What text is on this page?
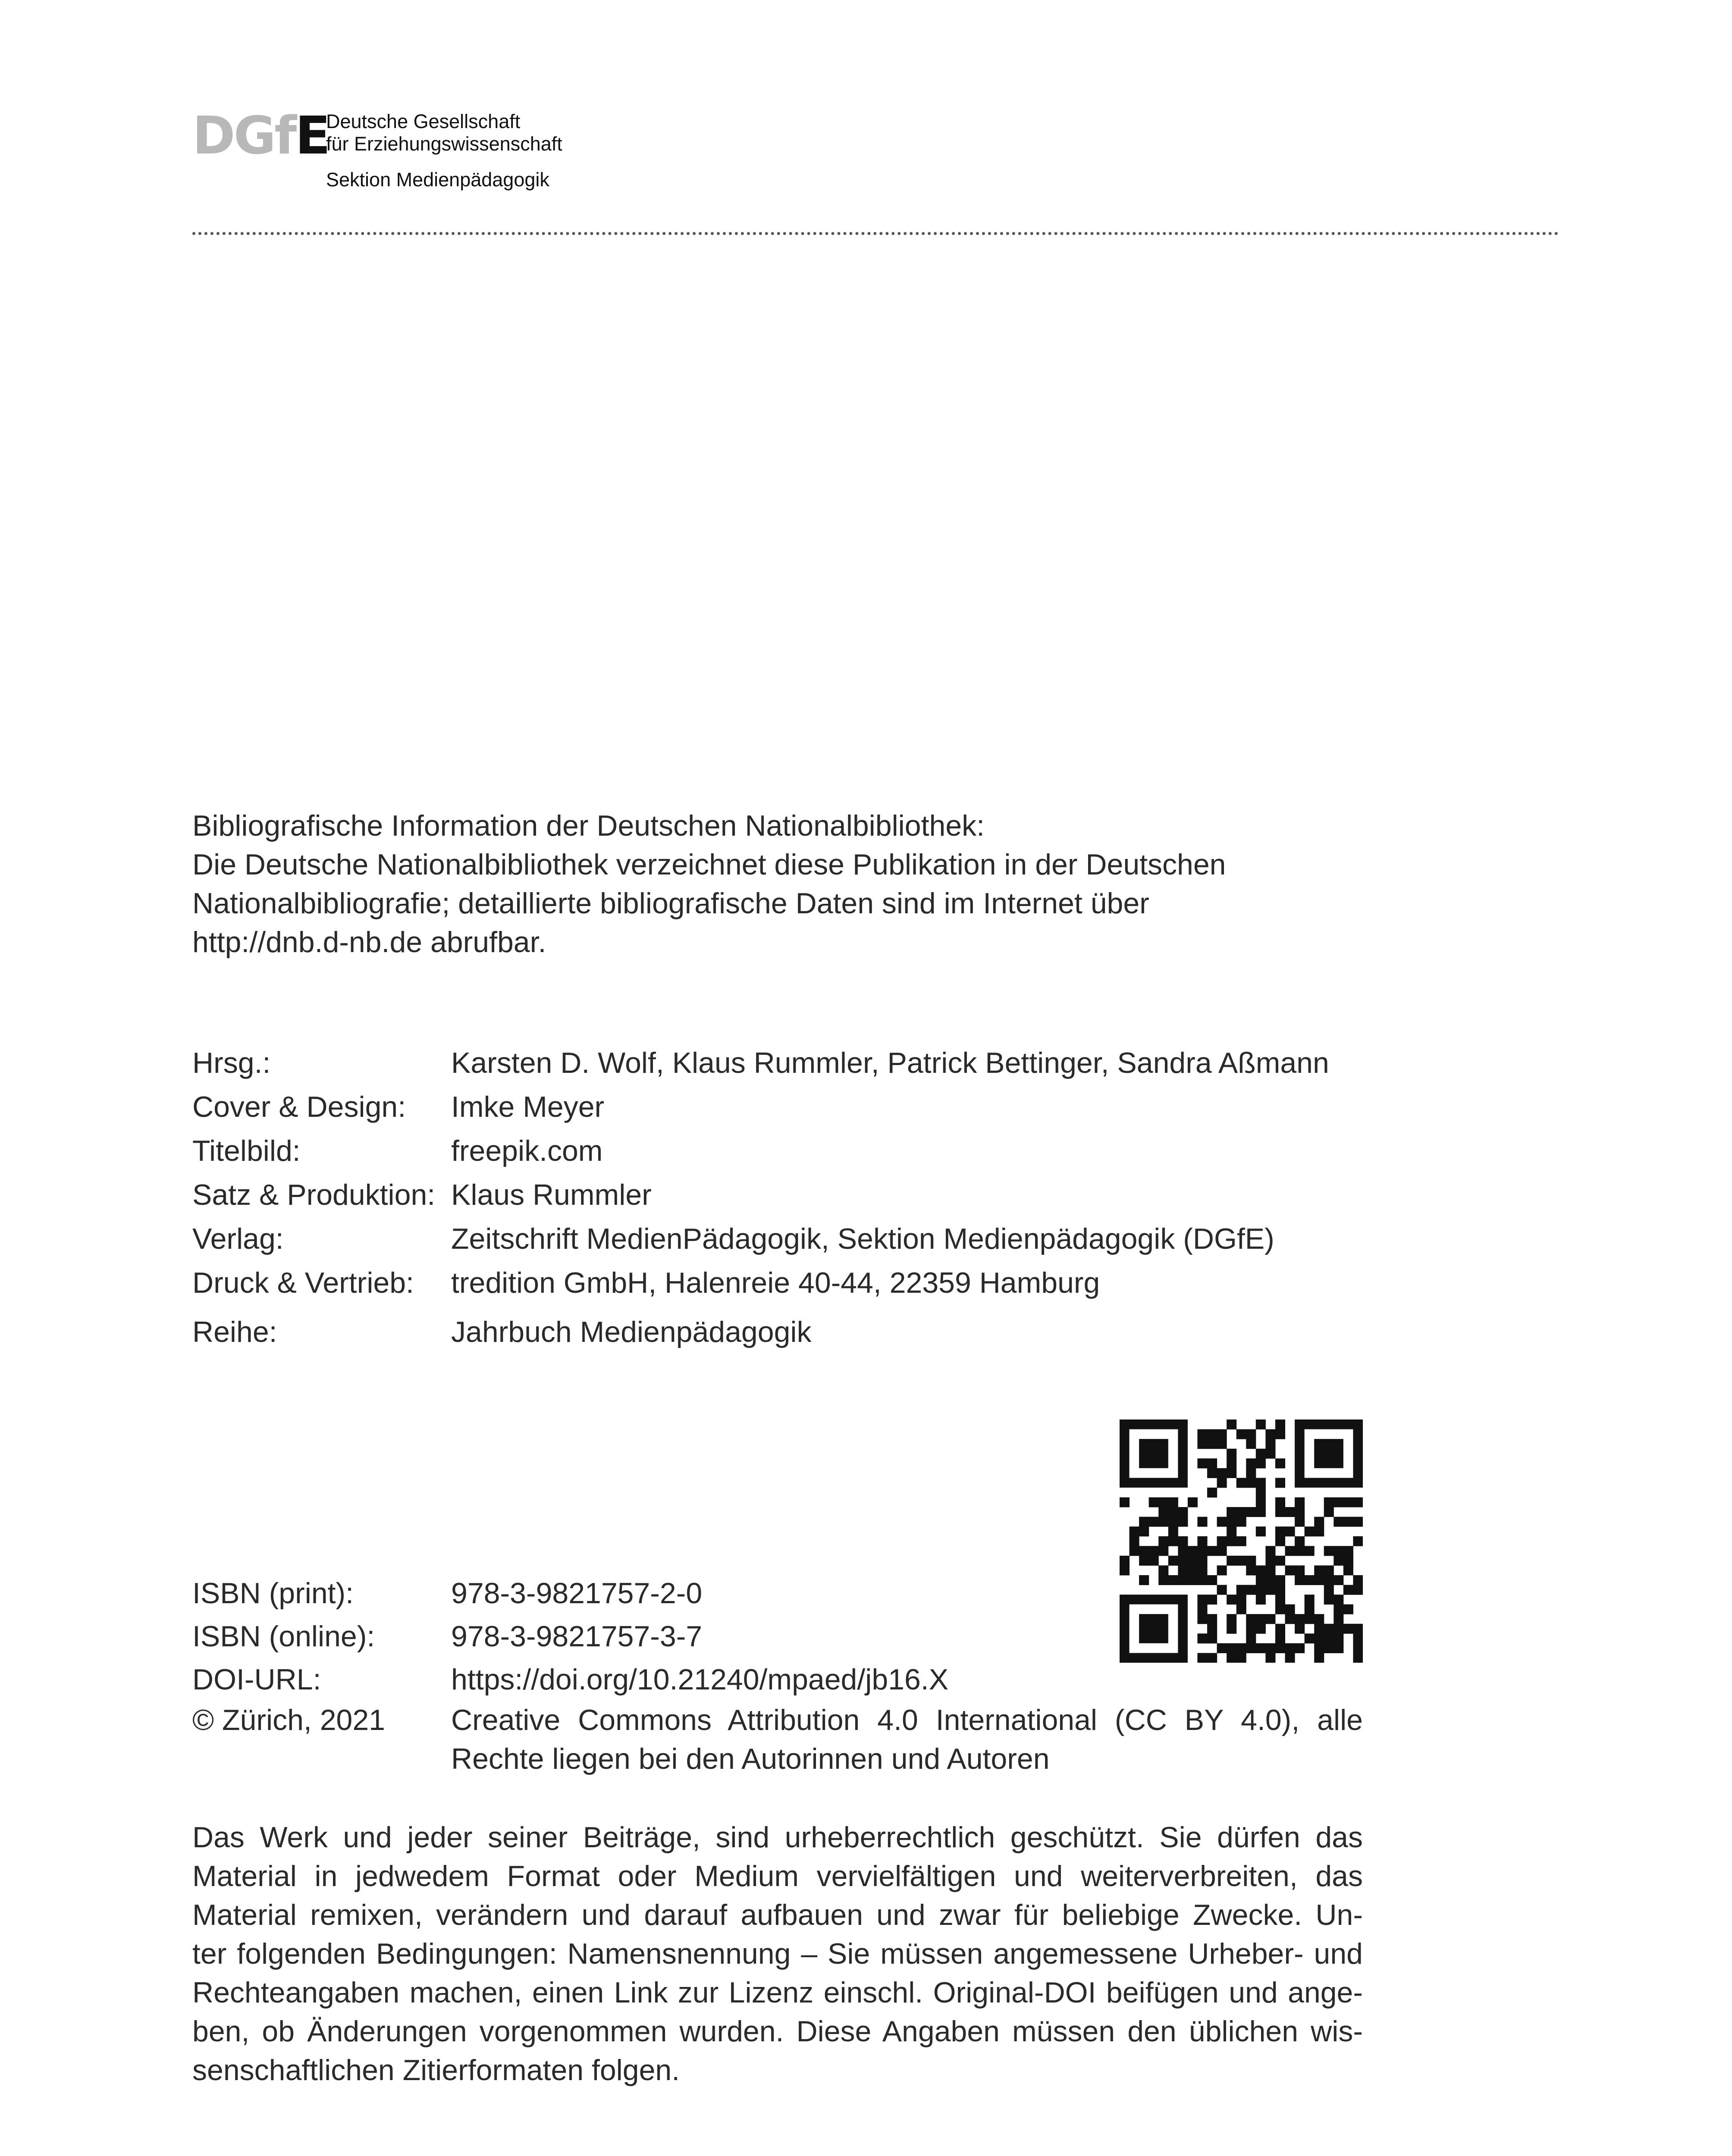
DGfE
Deutsche Gesellschaft
für Erziehungswissenschaft
Sektion Medienpädagogik
Bibliografische Information der Deutschen Nationalbibliothek:
Die Deutsche Nationalbibliothek verzeichnet diese Publikation in der Deutschen
Nationalbibliografie; detaillierte bibliografische Daten sind im Internet über
http://dnb.d-nb.de abrufbar.
Hrsg.:	Karsten D. Wolf, Klaus Rummler, Patrick Bettinger, Sandra Aßmann
Cover & Design: Imke Meyer
Titelbild:	freepik.com
Satz & Produktion: Klaus Rummler
Verlag:	Zeitschrift MedienPädagogik, Sektion Medienpädagogik (DGfE)
Druck & Vertrieb: tredition GmbH, Halenreie 40-44, 22359 Hamburg
Reihe:	Jahrbuch Medienpädagogik
ISBN (print):	978-3-9821757-2-0
ISBN (online):	978-3-9821757-3-7
DOI-URL:	https://doi.org/10.21240/mpaed/jb16.X
© Zürich, 2021 Creative Commons Attribution 4.0 International (CC BY 4.0), alle Rechte liegen bei den Autorinnen und Autoren
Das Werk und jeder seiner Beiträge, sind urheberrechtlich geschützt. Sie dürfen das
Material in jedwedem Format oder Medium vervielfältigen und weiterverbreiten, das
Material remixen, verändern und darauf aufbauen und zwar für beliebige Zwecke. Un-
ter folgenden Bedingungen: Namensnennung – Sie müssen angemessene Urheber- und
Rechteangaben machen, einen Link zur Lizenz einschl. Original-DOI beifügen und ange-
ben, ob Änderungen vorgenommen wurden. Diese Angaben müssen den üblichen wis-
senschaftlichen Zitierformaten folgen.
